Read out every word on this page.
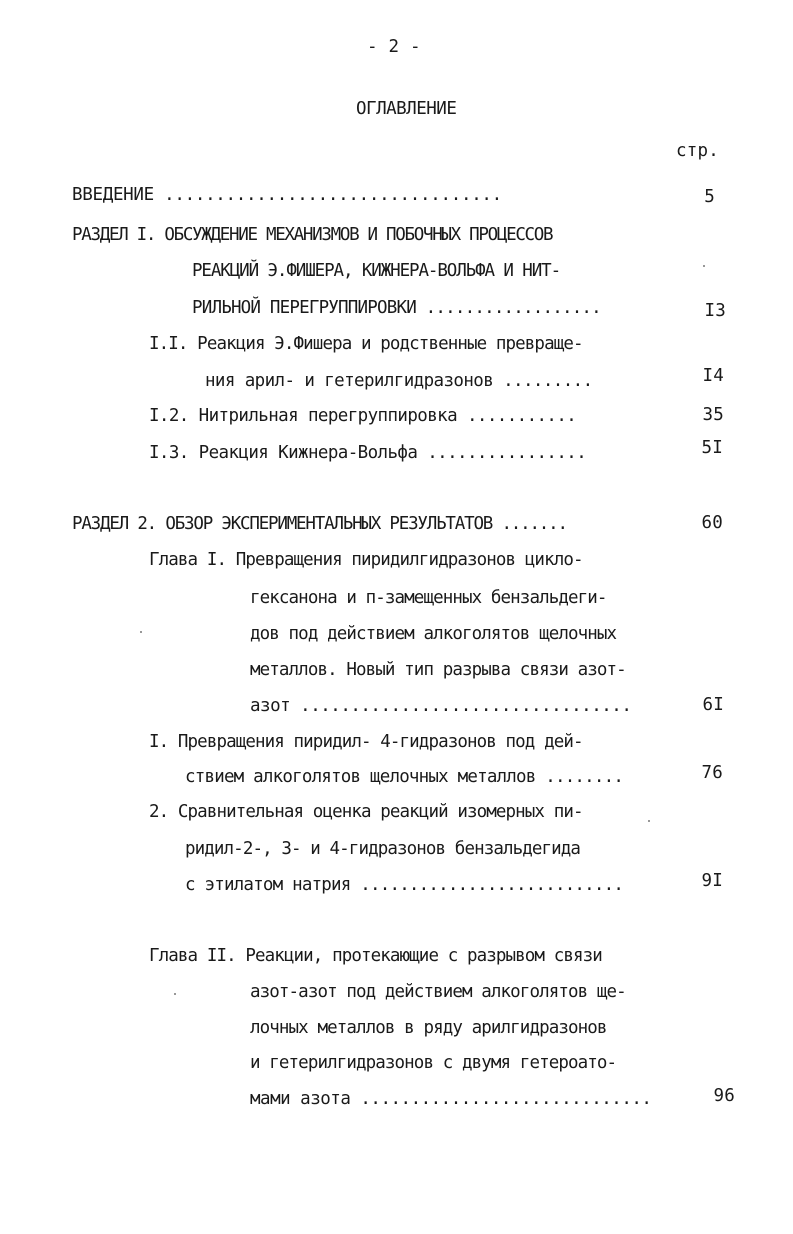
- 2 -
ОГЛАВЛЕНИЕ
стр.
ВВЕДЕНИЕ .................................	5
РАЗДЕЛ I. ОБСУЖДЕНИЕ МЕХАНИЗМОВ И ПОБОЧНЫХ ПРОЦЕССОВ
РЕАКЦИЙ Э.ФИШЕРА, КИЖНЕРА-ВОЛЬФА И НИТ-
РИЛЬНОЙ ПЕРЕГРУППИРОВКИ ..................	I3
I.I. Реакция Э.Фишера и родственные превраще-
ния арил- и гетерилгидразонов .........	I4
I.2. Нитрильная перегруппировка ...........	35
I.3. Реакция Кижнера-Вольфа ................	5I
РАЗДЕЛ 2. ОБЗОР ЭКСПЕРИМЕНТАЛЬНЫХ РЕЗУЛЬТАТОВ .......	60
Глава I. Превращения пиридилгидразонов цикло-
гексанона и п-замещенных бензальдеги-
дов под действием алкоголятов щелочных
металлов. Новый тип разрыва связи азот-
азот .................................	6I
I. Превращения пиридил- 4-гидразонов под дей-
ствием алкоголятов щелочных металлов ........	76
2. Сравнительная оценка реакций изомерных пи-
ридил-2-, 3- и 4-гидразонов бензальдегида
с этилатом натрия ...........................	9I
Глава II. Реакции, протекающие с разрывом связи
азот-азот под действием алкоголятов ще-
лочных металлов в ряду арилгидразонов
и гетерилгидразонов с двумя гетероато-
мами азота .............................	96
